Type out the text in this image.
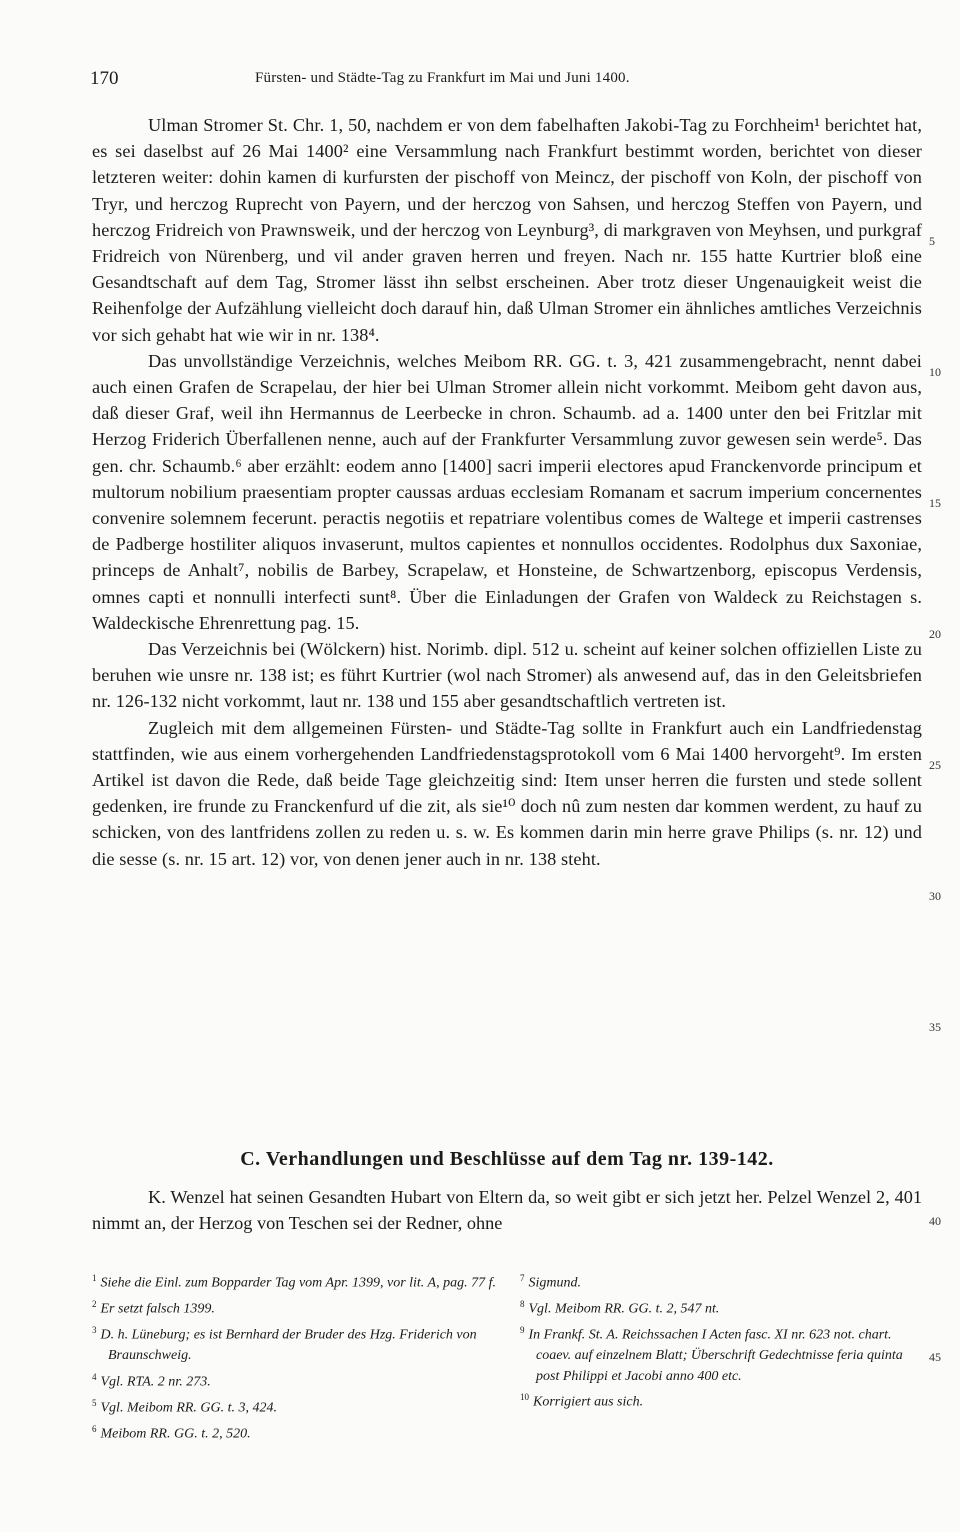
170	Fürsten- und Städte-Tag zu Frankfurt im Mai und Juni 1400.

Ulman Stromer St. Chr. 1, 50, nachdem er von dem fabelhaften Jakobi-Tag zu Forchheim¹ berichtet hat, es sei daselbst auf 26 Mai 1400² eine Versammlung nach Frankfurt bestimmt worden, berichtet von dieser letzteren weiter: dohin kamen di kurfursten der pischoff von Meincz, der pischoff von Koln, der pischoff von Tryr, und herczog Ruprecht von Payern, und der herczog von Sahsen, und herczog Steffen von Payern, und herczog Fridreich von Prawnsweik, und der herczog von Leynburg³, di markgraven von Meyhsen, und purkgraf Fridreich von Nürenberg, und vil ander graven herren und freyen. Nach nr. 155 hatte Kurtrier bloß eine Gesandtschaft auf dem Tag, Stromer lässt ihn selbst erscheinen. Aber trotz dieser Ungenauigkeit weist die Reihenfolge der Aufzählung vielleicht doch darauf hin, daß Ulman Stromer ein ähnliches amtliches Verzeichnis vor sich gehabt hat wie wir in nr. 138⁴.

Das unvollständige Verzeichnis, welches Meibom RR. GG. t. 3, 421 zusammengebracht, nennt dabei auch einen Grafen de Scrapelau, der hier bei Ulman Stromer allein nicht vorkommt. Meibom geht davon aus, daß dieser Graf, weil ihn Hermannus de Leerbecke in chron. Schaumb. ad a. 1400 unter den bei Fritzlar mit Herzog Friderich Überfallenen nenne, auch auf der Frankfurter Versammlung zuvor gewesen sein werde⁵. Das gen. chr. Schaumb.⁶ aber erzählt: eodem anno [1400] sacri imperii electores apud Franckenvorde principum et multorum nobilium praesentiam propter caussas arduas ecclesiam Romanam et sacrum imperium concernentes convenire solemnem fecerunt. peractis negotiis et repatriare volentibus comes de Waltege et imperii castrenses de Padberge hostiliter aliquos invaserunt, multos capientes et nonnullos occidentes. Rodolphus dux Saxoniae, princeps de Anhalt⁷, nobilis de Barbey, Scrapelaw, et Honsteine, de Schwartzenborg, episcopus Verdensis, omnes capti et nonnulli interfecti sunt⁸. Über die Einladungen der Grafen von Waldeck zu Reichstagen s. Waldeckische Ehrenrettung pag. 15.

Das Verzeichnis bei (Wölckern) hist. Norimb. dipl. 512 u. scheint auf keiner solchen offiziellen Liste zu beruhen wie unsre nr. 138 ist; es führt Kurtrier (wol nach Stromer) als anwesend auf, das in den Geleitsbriefen nr. 126-132 nicht vorkommt, laut nr. 138 und 155 aber gesandtschaftlich vertreten ist.

Zugleich mit dem allgemeinen Fürsten- und Städte-Tag sollte in Frankfurt auch ein Landfriedenstag stattfinden, wie aus einem vorhergehenden Landfriedenstagsprotokoll vom 6 Mai 1400 hervorgeht⁹. Im ersten Artikel ist davon die Rede, daß beide Tage gleichzeitig sind: Item unser herren die fursten und stede sollent gedenken, ire frunde zu Franckenfurd uf die zit, als sie¹⁰ doch nû zum nesten dar kommen werdent, zu hauf zu schicken, von des lantfridens zollen zu reden u. s. w. Es kommen darin min herre grave Philips (s. nr. 12) und die sesse (s. nr. 15 art. 12) vor, von denen jener auch in nr. 138 steht.

C. Verhandlungen und Beschlüsse auf dem Tag nr. 139-142.

K. Wenzel hat seinen Gesandten Hubart von Eltern da, so weit gibt er sich jetzt her. Pelzel Wenzel 2, 401 nimmt an, der Herzog von Teschen sei der Redner, ohne

5
10
15
20
25
30
35
40
45

$^1$ Siehe die Einl. zum Bopparder Tag vom Apr. 1399, vor lit. A, pag. 77 f.

$^2$ Er setzt falsch 1399.

$^3$ D. h. Lüneburg; es ist Bernhard der Bruder des Hzg. Friderich von Braunschweig.

$^4$ Vgl. RTA. 2 nr. 273.

$^5$ Vgl. Meibom RR. GG. t. 3, 424.

$^6$ Meibom RR. GG. t. 2, 520.

$^7$ Sigmund.

$^8$ Vgl. Meibom RR. GG. t. 2, 547 nt.

$^9$ In Frankf. St. A. Reichssachen I Acten fasc. XI nr. 623 not. chart. coaev. auf einzelnem Blatt; Überschrift Gedechtnisse feria quinta post Philippi et Jacobi anno 400 etc.

$^{10}$ Korrigiert aus sich.
